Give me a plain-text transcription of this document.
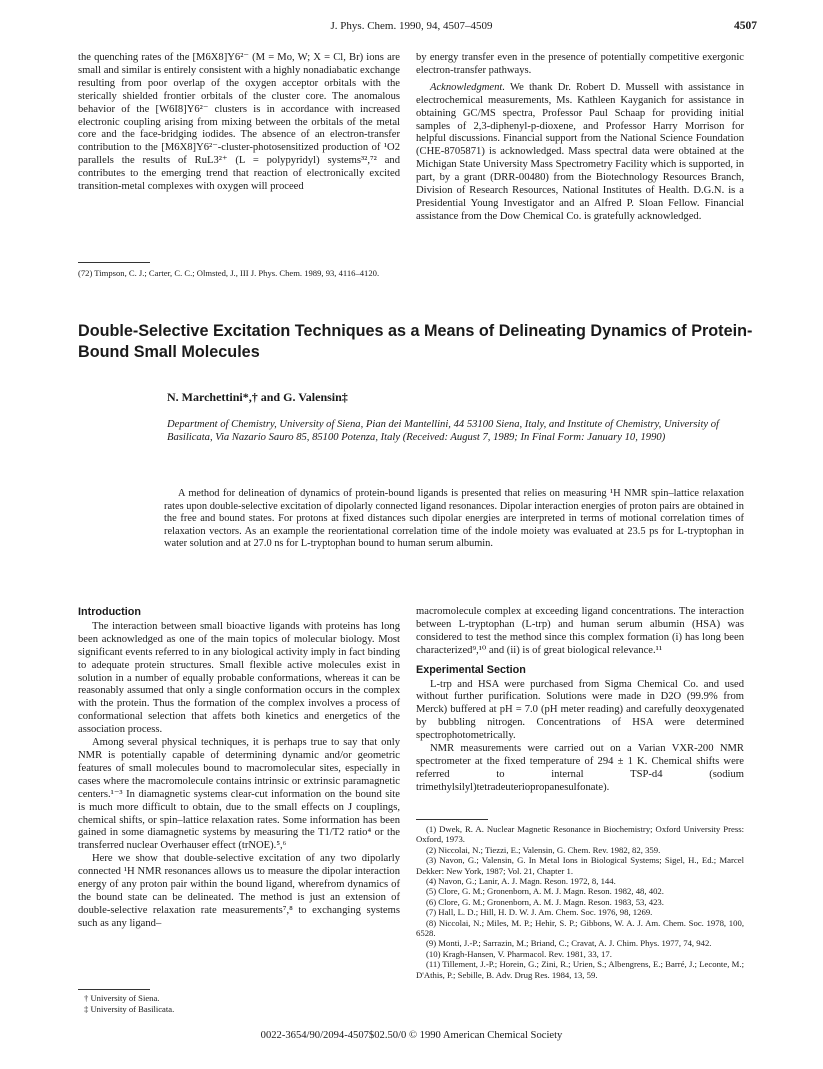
J. Phys. Chem. 1990, 94, 4507–4509	4507

the quenching rates of the [M6X8]Y6²⁻ (M = Mo, W; X = Cl, Br) ions are small and similar is entirely consistent with a highly nonadiabatic exchange resulting from poor overlap of the oxygen acceptor orbitals with the sterically shielded frontier orbitals of the cluster core. The anomalous behavior of the [W6I8]Y6²⁻ clusters is in accordance with increased electronic coupling arising from mixing between the orbitals of the metal core and the face-bridging iodides. The absence of an electron-transfer contribution to the [M6X8]Y6²⁻-cluster-photosensitized production of ¹O2 parallels the results of RuL3²⁺ (L = polypyridyl) systems³²,⁷² and contributes to the emerging trend that reaction of electronically excited transition-metal complexes with oxygen will proceed

(72) Timpson, C. J.; Carter, C. C.; Olmsted, J., III J. Phys. Chem. 1989, 93, 4116–4120.

by energy transfer even in the presence of potentially competitive exergonic electron-transfer pathways.

Acknowledgment. We thank Dr. Robert D. Mussell with assistance in electrochemical measurements, Ms. Kathleen Kayganich for assistance in obtaining GC/MS spectra, Professor Paul Schaap for providing initial samples of 2,3-diphenyl-p-dioxene, and Professor Harry Morrison for helpful discussions. Financial support from the National Science Foundation (CHE-8705871) is acknowledged. Mass spectral data were obtained at the Michigan State University Mass Spectrometry Facility which is supported, in part, by a grant (DRR-00480) from the Biotechnology Resources Branch, Division of Research Resources, National Institutes of Health. D.G.N. is a Presidential Young Investigator and an Alfred P. Sloan Fellow. Financial assistance from the Dow Chemical Co. is gratefully acknowledged.

Double-Selective Excitation Techniques as a Means of Delineating Dynamics of Protein-Bound Small Molecules
N. Marchettini*,† and G. Valensin‡
Department of Chemistry, University of Siena, Pian dei Mantellini, 44 53100 Siena, Italy, and Institute of Chemistry, University of Basilicata, Via Nazario Sauro 85, 85100 Potenza, Italy (Received: August 7, 1989; In Final Form: January 10, 1990)

A method for delineation of dynamics of protein-bound ligands is presented that relies on measuring ¹H NMR spin–lattice relaxation rates upon double-selective excitation of dipolarly connected ligand resonances. Dipolar interaction energies of proton pairs are obtained in the free and bound states. For protons at fixed distances such dipolar energies are interpreted in terms of motional correlation times of relaxation vectors. As an example the reorientational correlation time of the indole moiety was evaluated at 23.5 ps for L-tryptophan in water solution and at 27.0 ns for L-tryptophan bound to human serum albumin.

Introduction

The interaction between small bioactive ligands with proteins has long been acknowledged as one of the main topics of molecular biology. Most significant events referred to in any biological activity imply in fact binding to adequate protein structures. Small flexible active molecules exist in solution in a number of equally probable conformations, whereas it can be reasonably assumed that only a single conformation occurs in the complex with the protein. Thus the formation of the complex involves a process of conformational selection that affets both kinetics and energetics of the association process.

Among several physical techniques, it is perhaps true to say that only NMR is potentially capable of determining dynamic and/or geometric features of small molecules bound to macromolecular sites, especially in cases where the macromolecule contains intrinsic or extrinsic paramagnetic centers.¹⁻³ In diamagnetic systems clear-cut information on the bound site is much more difficult to obtain, due to the small effects on J couplings, chemical shifts, or spin–lattice relaxation rates. Some information has been gained in some diamagnetic systems by measuring the T1/T2 ratio⁴ or the transferred nuclear Overhauser effect (trNOE).⁵,⁶

Here we show that double-selective excitation of any two dipolarly connected ¹H NMR resonances allows us to measure the dipolar interaction energy of any proton pair within the bound ligand, wherefrom dynamics of the bound state can be delineated. The method is just an extension of double-selective relaxation rate measurements⁷,⁸ to exchanging systems such as any ligand–

† University of Siena.
‡ University of Basilicata.

macromolecule complex at exceeding ligand concentrations. The interaction between L-tryptophan (L-trp) and human serum albumin (HSA) was considered to test the method since this complex formation (i) has long been characterized⁹,¹⁰ and (ii) is of great biological relevance.¹¹

Experimental Section

L-trp and HSA were purchased from Sigma Chemical Co. and used without further purification. Solutions were made in D2O (99.9% from Merck) buffered at pH = 7.0 (pH meter reading) and carefully deoxygenated by bubbling nitrogen. Concentrations of HSA were determined spectrophotometrically.

NMR measurements were carried out on a Varian VXR-200 NMR spectrometer at the fixed temperature of 294 ± 1 K. Chemical shifts were referred to internal TSP-d4 (sodium trimethylsilyl)tetradeuteriopropanesulfonate).

(1) Dwek, R. A. Nuclear Magnetic Resonance in Biochemistry; Oxford University Press: Oxford, 1973.
(2) Niccolai, N.; Tiezzi, E.; Valensin, G. Chem. Rev. 1982, 82, 359.
(3) Navon, G.; Valensin, G. In Metal Ions in Biological Systems; Sigel, H., Ed.; Marcel Dekker: New York, 1987; Vol. 21, Chapter 1.
(4) Navon, G.; Lanir, A. J. Magn. Reson. 1972, 8, 144.
(5) Clore, G. M.; Gronenborn, A. M. J. Magn. Reson. 1982, 48, 402.
(6) Clore, G. M.; Gronenborn, A. M. J. Magn. Reson. 1983, 53, 423.
(7) Hall, L. D.; Hill, H. D. W. J. Am. Chem. Soc. 1976, 98, 1269.
(8) Niccolai, N.; Miles, M. P.; Hehir, S. P.; Gibbons, W. A. J. Am. Chem. Soc. 1978, 100, 6528.
(9) Monti, J.-P.; Sarrazin, M.; Briand, C.; Cravat, A. J. Chim. Phys. 1977, 74, 942.
(10) Kragh-Hansen, V. Pharmacol. Rev. 1981, 33, 17.
(11) Tillement, J.-P.; Horein, G.; Zini, R.; Urien, S.; Albengrens, E.; Barré, J.; Leconte, M.; D'Athis, P.; Sebille, B. Adv. Drug Res. 1984, 13, 59.
0022-3654/90/2094-4507$02.50/0 © 1990 American Chemical Society
